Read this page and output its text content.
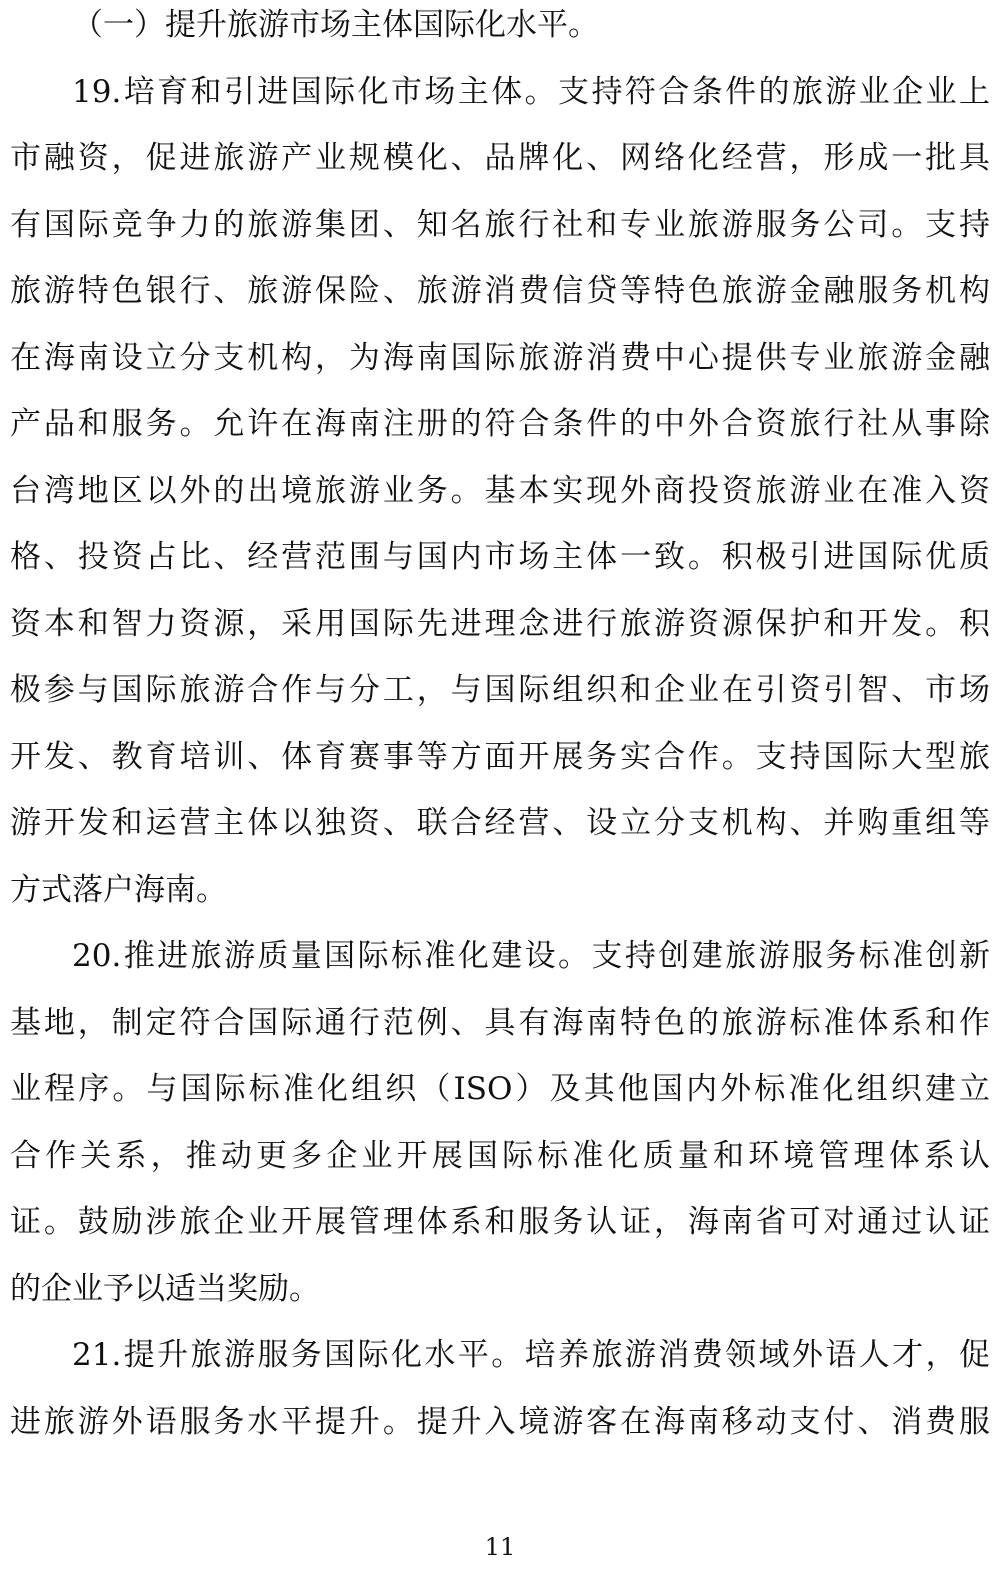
（一）提升旅游市场主体国际化水平。
19.培育和引进国际化市场主体。支持符合条件的旅游业企业上
市融资，促进旅游产业规模化、品牌化、网络化经营，形成一批具
有国际竞争力的旅游集团、知名旅行社和专业旅游服务公司。支持
旅游特色银行、旅游保险、旅游消费信贷等特色旅游金融服务机构
在海南设立分支机构，为海南国际旅游消费中心提供专业旅游金融
产品和服务。允许在海南注册的符合条件的中外合资旅行社从事除
台湾地区以外的出境旅游业务。基本实现外商投资旅游业在准入资
格、投资占比、经营范围与国内市场主体一致。积极引进国际优质
资本和智力资源，采用国际先进理念进行旅游资源保护和开发。积
极参与国际旅游合作与分工，与国际组织和企业在引资引智、市场
开发、教育培训、体育赛事等方面开展务实合作。支持国际大型旅
游开发和运营主体以独资、联合经营、设立分支机构、并购重组等
方式落户海南。
20.推进旅游质量国际标准化建设。支持创建旅游服务标准创新
基地，制定符合国际通行范例、具有海南特色的旅游标准体系和作
业程序。与国际标准化组织（ISO）及其他国内外标准化组织建立
合作关系，推动更多企业开展国际标准化质量和环境管理体系认
证。鼓励涉旅企业开展管理体系和服务认证，海南省可对通过认证
的企业予以适当奖励。
21.提升旅游服务国际化水平。培养旅游消费领域外语人才，促
进旅游外语服务水平提升。提升入境游客在海南移动支付、消费服
11
